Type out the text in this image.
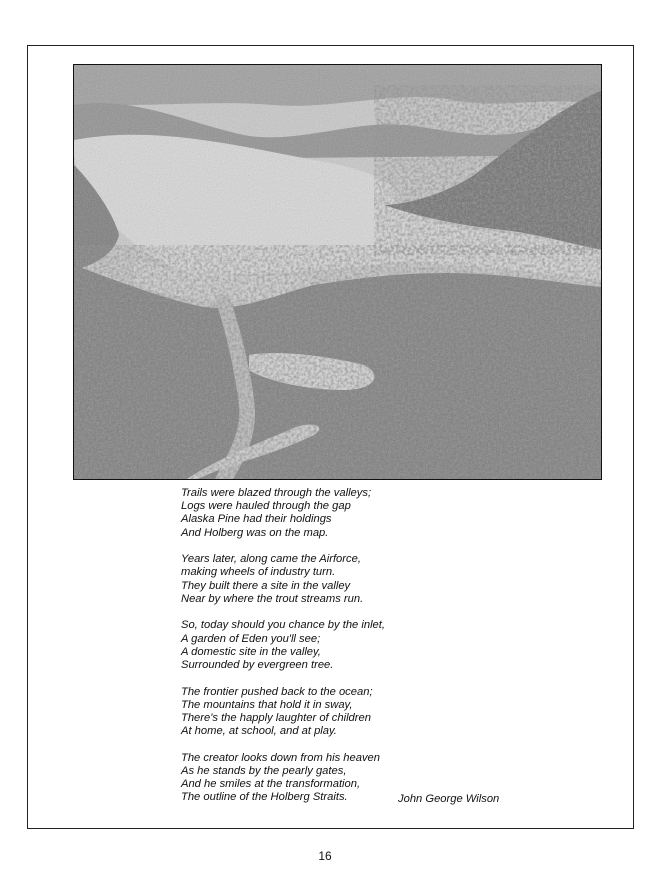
Trails were blazed through the valleys;
Logs were hauled through the gap
Alaska Pine had their holdings
And Holberg was on the map.
Years later, along came the Airforce,
making wheels of industry turn.
They built there a site in the valley
Near by where the trout streams run.
So, today should you chance by the inlet,
A garden of Eden you'll see;
A domestic site in the valley,
Surrounded by evergreen tree.
The frontier pushed back to the ocean;
The mountains that hold it in sway,
There's the happly laughter of children
At home, at school, and at play.
The creator looks down from his heaven
As he stands by the pearly gates,
And he smiles at the transformation,
The outline of the Holberg Straits.	John George Wilson
16
